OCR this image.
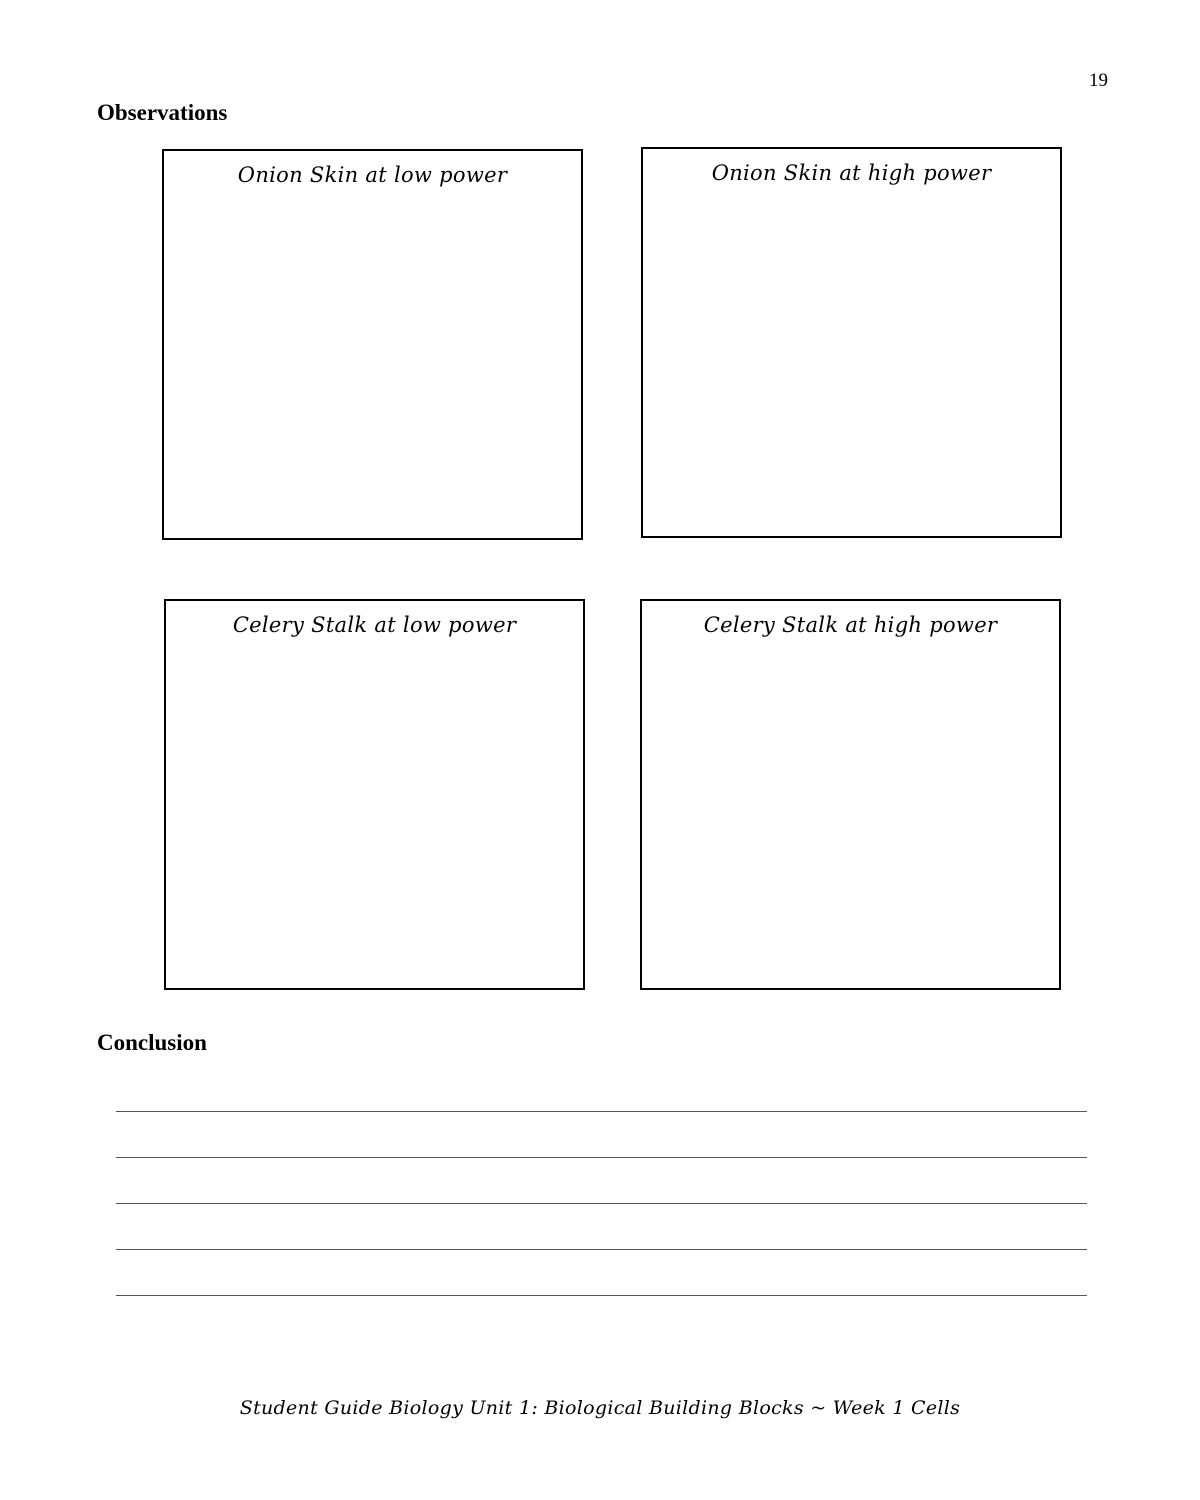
19
Observations
Onion Skin at low power	Onion Skin at high power
Celery Stalk at low power	Celery Stalk at high power
Conclusion
Student Guide Biology Unit 1: Biological Building Blocks ~ Week 1 Cells
